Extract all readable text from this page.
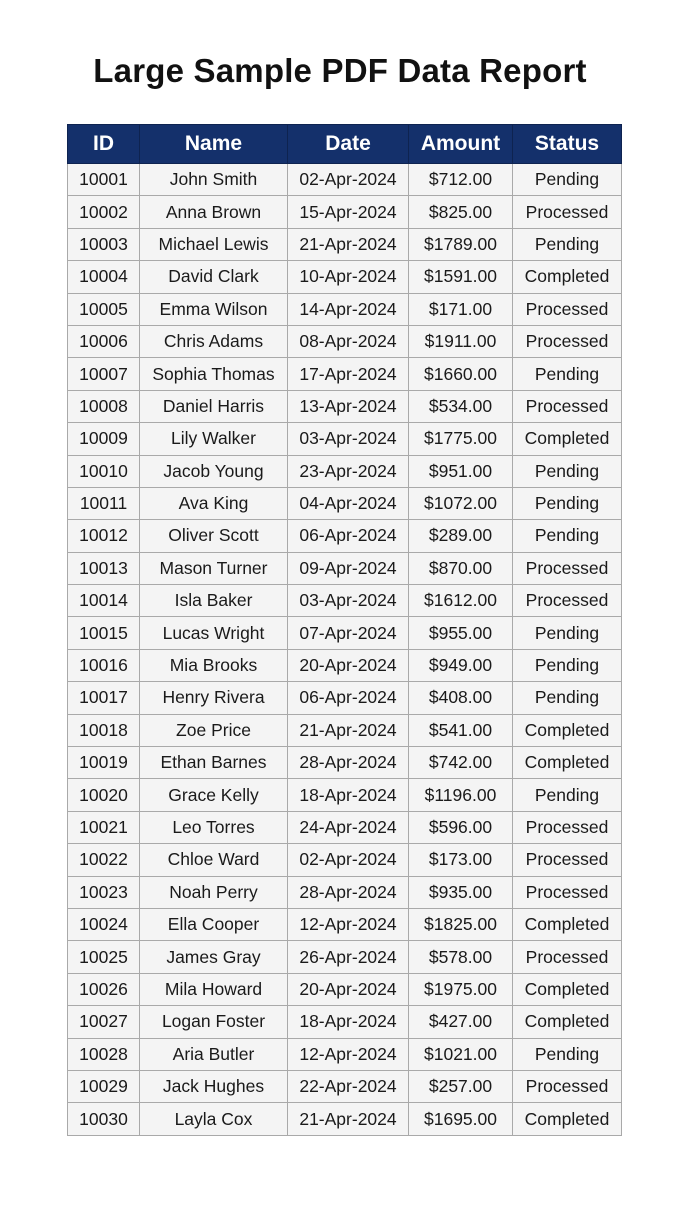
Large Sample PDF Data Report
ID	Name	Date	Amount	Status
10001	John Smith	02-Apr-2024	$712.00	Pending
10002	Anna Brown	15-Apr-2024	$825.00	Processed
10003	Michael Lewis	21-Apr-2024	$1789.00	Pending
10004	David Clark	10-Apr-2024	$1591.00	Completed
10005	Emma Wilson	14-Apr-2024	$171.00	Processed
10006	Chris Adams	08-Apr-2024	$1911.00	Processed
10007	Sophia Thomas	17-Apr-2024	$1660.00	Pending
10008	Daniel Harris	13-Apr-2024	$534.00	Processed
10009	Lily Walker	03-Apr-2024	$1775.00	Completed
10010	Jacob Young	23-Apr-2024	$951.00	Pending
10011	Ava King	04-Apr-2024	$1072.00	Pending
10012	Oliver Scott	06-Apr-2024	$289.00	Pending
10013	Mason Turner	09-Apr-2024	$870.00	Processed
10014	Isla Baker	03-Apr-2024	$1612.00	Processed
10015	Lucas Wright	07-Apr-2024	$955.00	Pending
10016	Mia Brooks	20-Apr-2024	$949.00	Pending
10017	Henry Rivera	06-Apr-2024	$408.00	Pending
10018	Zoe Price	21-Apr-2024	$541.00	Completed
10019	Ethan Barnes	28-Apr-2024	$742.00	Completed
10020	Grace Kelly	18-Apr-2024	$1196.00	Pending
10021	Leo Torres	24-Apr-2024	$596.00	Processed
10022	Chloe Ward	02-Apr-2024	$173.00	Processed
10023	Noah Perry	28-Apr-2024	$935.00	Processed
10024	Ella Cooper	12-Apr-2024	$1825.00	Completed
10025	James Gray	26-Apr-2024	$578.00	Processed
10026	Mila Howard	20-Apr-2024	$1975.00	Completed
10027	Logan Foster	18-Apr-2024	$427.00	Completed
10028	Aria Butler	12-Apr-2024	$1021.00	Pending
10029	Jack Hughes	22-Apr-2024	$257.00	Processed
10030	Layla Cox	21-Apr-2024	$1695.00	Completed
